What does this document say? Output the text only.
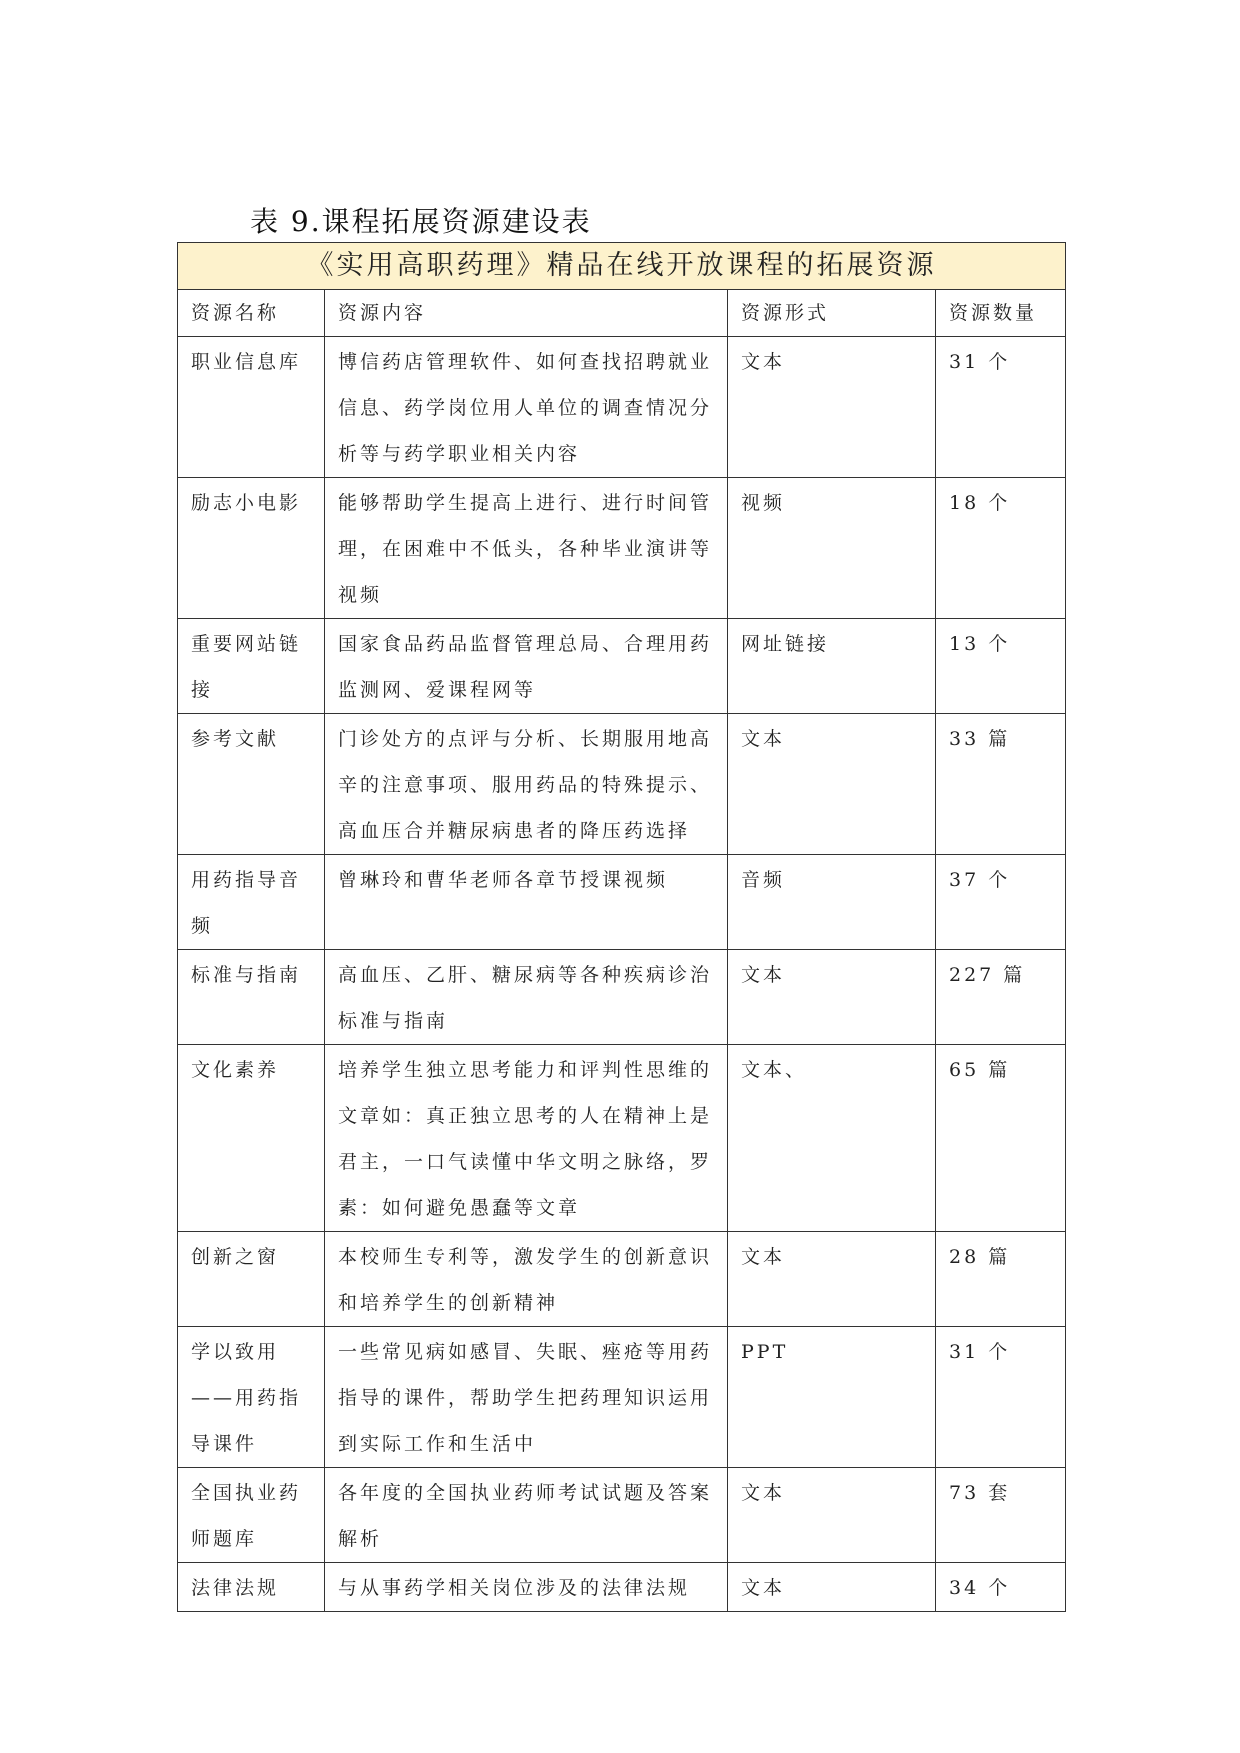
表 9.课程拓展资源建设表
《实用高职药理》精品在线开放课程的拓展资源			
资源名称	资源内容	资源形式	资源数量
职业信息库	博信药店管理软件、如何查找招聘就业信息、药学岗位用人单位的调查情况分析等与药学职业相关内容	文本	31 个
励志小电影	能够帮助学生提高上进行、进行时间管理，在困难中不低头，各种毕业演讲等视频	视频	18 个
重要网站链接	国家食品药品监督管理总局、合理用药监测网、爱课程网等	网址链接	13 个
参考文献	门诊处方的点评与分析、长期服用地高辛的注意事项、服用药品的特殊提示、高血压合并糖尿病患者的降压药选择	文本	33 篇
用药指导音频	曾琳玲和曹华老师各章节授课视频	音频	37 个
标准与指南	高血压、乙肝、糖尿病等各种疾病诊治标准与指南	文本	227 篇
文化素养	培养学生独立思考能力和评判性思维的文章如：真正独立思考的人在精神上是君主，一口气读懂中华文明之脉络，罗素：如何避免愚蠢等文章	文本、	65 篇
创新之窗	本校师生专利等，激发学生的创新意识和培养学生的创新精神	文本	28 篇
学以致用——用药指导课件	一些常见病如感冒、失眠、痤疮等用药指导的课件，帮助学生把药理知识运用到实际工作和生活中	PPT	31 个
全国执业药师题库	各年度的全国执业药师考试试题及答案解析	文本	73 套
法律法规	与从事药学相关岗位涉及的法律法规	文本	34 个
